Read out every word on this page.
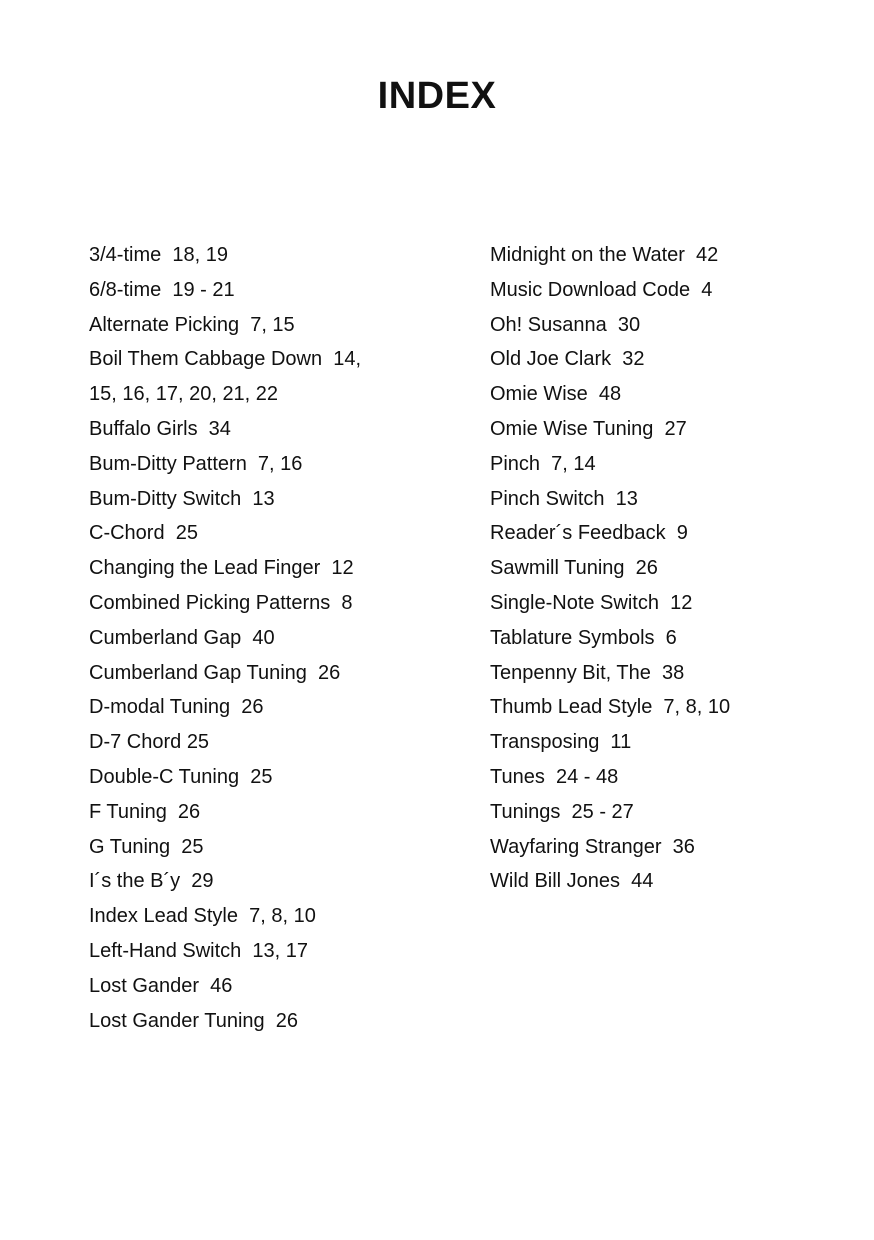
INDEX
3/4-time  18, 19
6/8-time  19 - 21
Alternate Picking  7, 15
Boil Them Cabbage Down  14,
15, 16, 17, 20, 21, 22
Buffalo Girls  34
Bum-Ditty Pattern  7, 16
Bum-Ditty Switch  13
C-Chord  25
Changing the Lead Finger  12
Combined Picking Patterns  8
Cumberland Gap  40
Cumberland Gap Tuning  26
D-modal Tuning  26
D-7 Chord 25
Double-C Tuning  25
F Tuning  26
G Tuning  25
I´s the B´y  29
Index Lead Style  7, 8, 10
Left-Hand Switch  13, 17
Lost Gander  46
Lost Gander Tuning  26
Midnight on the Water  42
Music Download Code  4
Oh! Susanna  30
Old Joe Clark  32
Omie Wise  48
Omie Wise Tuning  27
Pinch  7, 14
Pinch Switch  13
Reader´s Feedback  9
Sawmill Tuning  26
Single-Note Switch  12
Tablature Symbols  6
Tenpenny Bit, The  38
Thumb Lead Style  7, 8, 10
Transposing  11
Tunes  24 - 48
Tunings  25 - 27
Wayfaring Stranger  36
Wild Bill Jones  44
